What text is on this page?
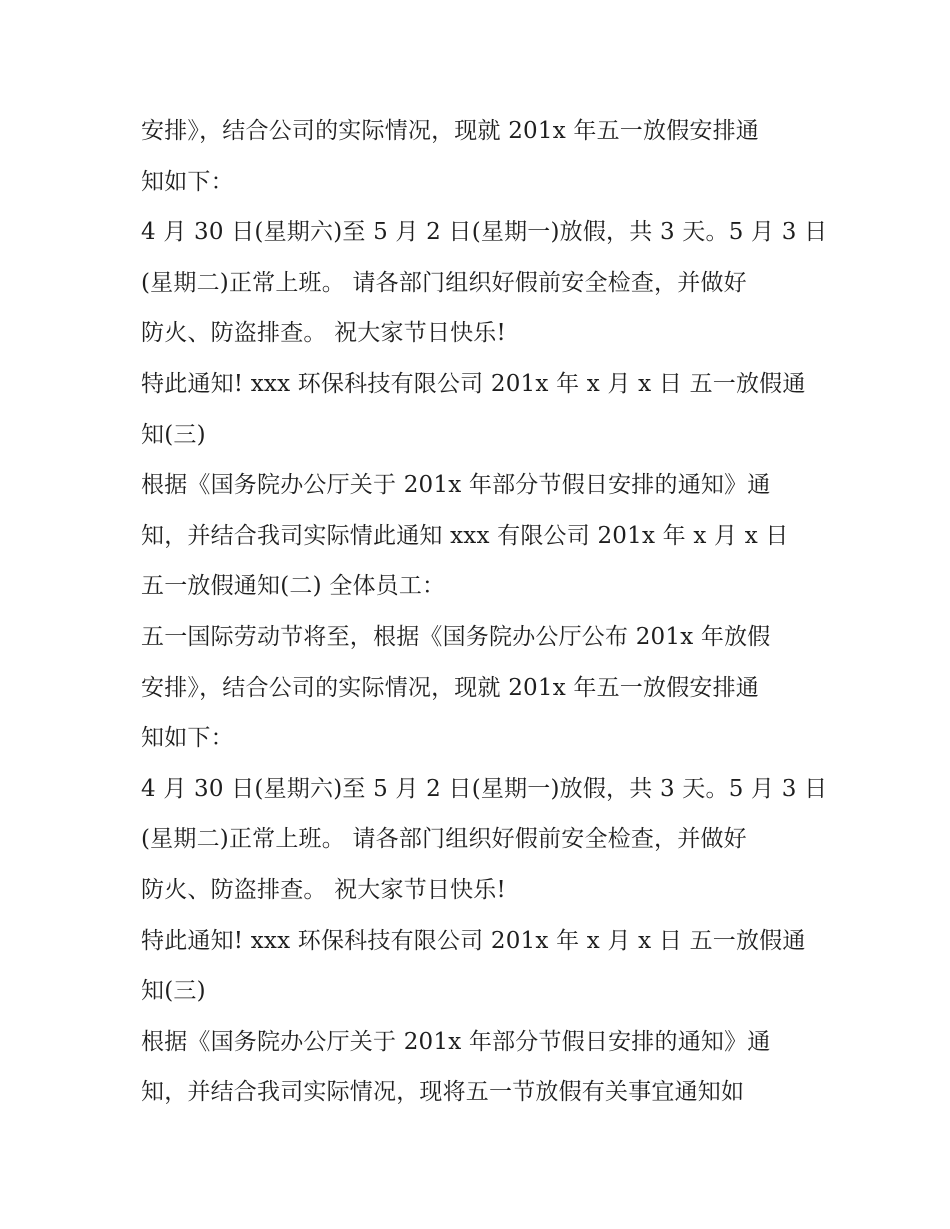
安排》，结合公司的实际情况，现就 201x 年五一放假安排通
知如下：
4 月 30 日(星期六)至 5 月 2 日(星期一)放假，共 3 天。5 月 3 日
(星期二)正常上班。 请各部门组织好假前安全检查，并做好
防火、防盗排查。 祝大家节日快乐!
特此通知! xxx 环保科技有限公司 201x 年 x 月 x 日 五一放假通
知(三)
根据《国务院办公厅关于 201x 年部分节假日安排的通知》通
知，并结合我司实际情此通知 xxx 有限公司 201x 年 x 月 x 日
五一放假通知(二) 全体员工：
五一国际劳动节将至，根据《国务院办公厅公布 201x 年放假
安排》，结合公司的实际情况，现就 201x 年五一放假安排通
知如下：
4 月 30 日(星期六)至 5 月 2 日(星期一)放假，共 3 天。5 月 3 日
(星期二)正常上班。 请各部门组织好假前安全检查，并做好
防火、防盗排查。 祝大家节日快乐!
特此通知! xxx 环保科技有限公司 201x 年 x 月 x 日 五一放假通
知(三)
根据《国务院办公厅关于 201x 年部分节假日安排的通知》通
知，并结合我司实际情况，现将五一节放假有关事宜通知如
